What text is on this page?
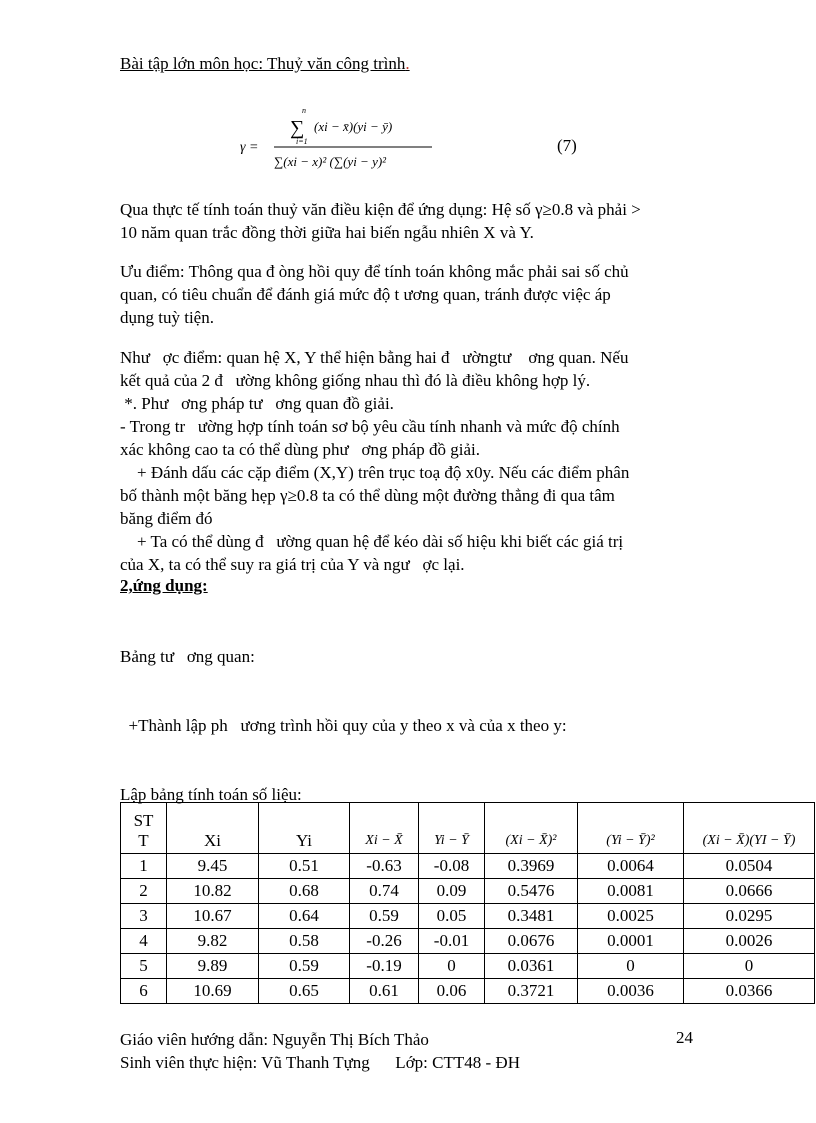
Bài tập lớn môn học: Thuỷ văn công trình.
γ =
n
∑
i=1
(xi − x̄)(yi − ȳ)
∑(xi − x)² (∑(yi − y)²
(7)
Qua thực tế tính toán thuỷ văn điều kiện để ứng dụng: Hệ số γ≥0.8 và phải >
10 năm quan trắc đồng thời giữa hai biến ngẫu nhiên X và Y.
Ưu điểm: Thông qua đ òng hồi quy để tính toán không mắc phải sai số chủ
quan, có tiêu chuẩn để đánh giá mức độ t ương quan, tránh được việc áp
dụng tuỳ tiện.
Như   ợc điểm: quan hệ X, Y thể hiện bằng hai đ   ườngtư    ơng quan. Nếu
kết quả của 2 đ   ường không giống nhau thì đó là điều không hợp lý.
*. Phư   ơng pháp tư   ơng quan đồ giải.
- Trong tr   ường hợp tính toán sơ bộ yêu cầu tính nhanh và mức độ chính
xác không cao ta có thể dùng phư   ơng pháp đồ giải.
+ Đánh dấu các cặp điểm (X,Y) trên trục toạ độ x0y. Nếu các điểm phân
bố thành một băng hẹp γ≥0.8 ta có thể dùng một đường thẳng đi qua tâm
băng điểm đó
+ Ta có thể dùng đ   ường quan hệ để kéo dài số hiệu khi biết các giá trị
của X, ta có thể suy ra giá trị của Y và ngư   ợc lại.
2,ứng dụng:

Bảng tư   ơng quan:

+Thành lập ph   ương trình hồi quy của y theo x và của x theo y:

Lập bảng tính toán số liệu:

ST
T	Xi	Yi	Xi − X̄	Yi − Ȳ	(Xi − X̄)²	(Yi − Ȳ)²	(Xi − X̄)(YI − Ȳ)
1	9.45	0.51	-0.63	-0.08	0.3969	0.0064	0.0504
2	10.82	0.68	0.74	0.09	0.5476	0.0081	0.0666
3	10.67	0.64	0.59	0.05	0.3481	0.0025	0.0295
4	9.82	0.58	-0.26	-0.01	0.0676	0.0001	0.0026
5	9.89	0.59	-0.19	0	0.0361	0	0
6	10.69	0.65	0.61	0.06	0.3721	0.0036	0.0366
Giáo viên hướng dẫn: Nguyễn Thị Bích Thảo	24
Sinh viên thực hiện: Vũ Thanh Tựng      Lớp: CTT48 - ĐH
